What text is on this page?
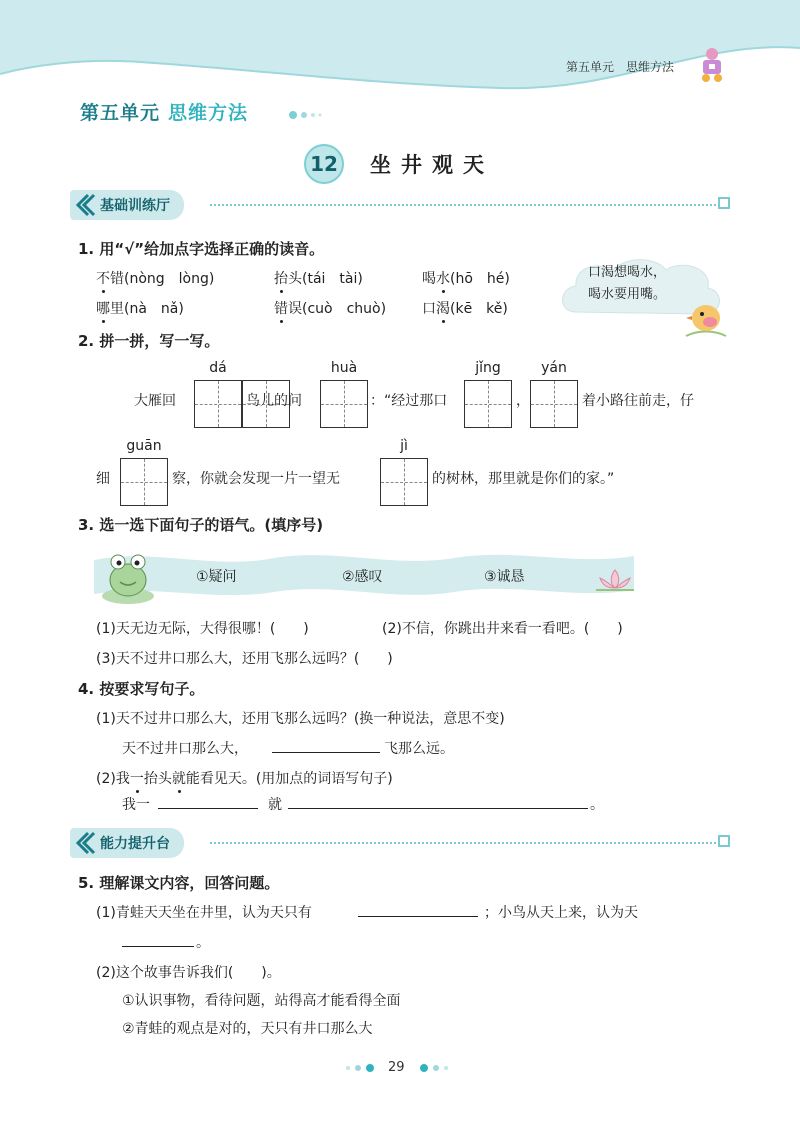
第五单元　思维方法
第五单元 思维方法
12 坐井观天
基础训练厅
1. 用“√”给加点字选择正确的读音。
不错(nòng　lòng)	抬头(tái　tài)	喝水(hō　hé)
哪里(nà　nǎ)	错误(cuò　chuò)	口渴(kē　kě)
口渴想喝水，
喝水要用嘴。
2. 拼一拼，写一写。
dá	huà	jǐng	yán
大雁回	鸟儿的问	：“经过那口	，	着小路往前走，仔
guān	jì
细	察，你就会发现一片一望无	的树林，那里就是你们的家。”
3. 选一选下面句子的语气。(填序号)
①疑问	②感叹	③诚恳
(1)天无边无际，大得很哪！(　　)	(2)不信，你跳出井来看一看吧。(　　)
(3)天不过井口那么大，还用飞那么远吗？(　　)
4. 按要求写句子。
(1)天不过井口那么大，还用飞那么远吗？(换一种说法，意思不变)
天不过井口那么大，	飞那么远。
(2)我一抬头就能看见天。(用加点的词语写句子)
我一	就	。
能力提升台
5. 理解课文内容，回答问题。
(1)青蛙天天坐在井里，认为天只有	；小鸟从天上来，认为天
。
(2)这个故事告诉我们(　　)。
①认识事物，看待问题，站得高才能看得全面
②青蛙的观点是对的，天只有井口那么大
29
